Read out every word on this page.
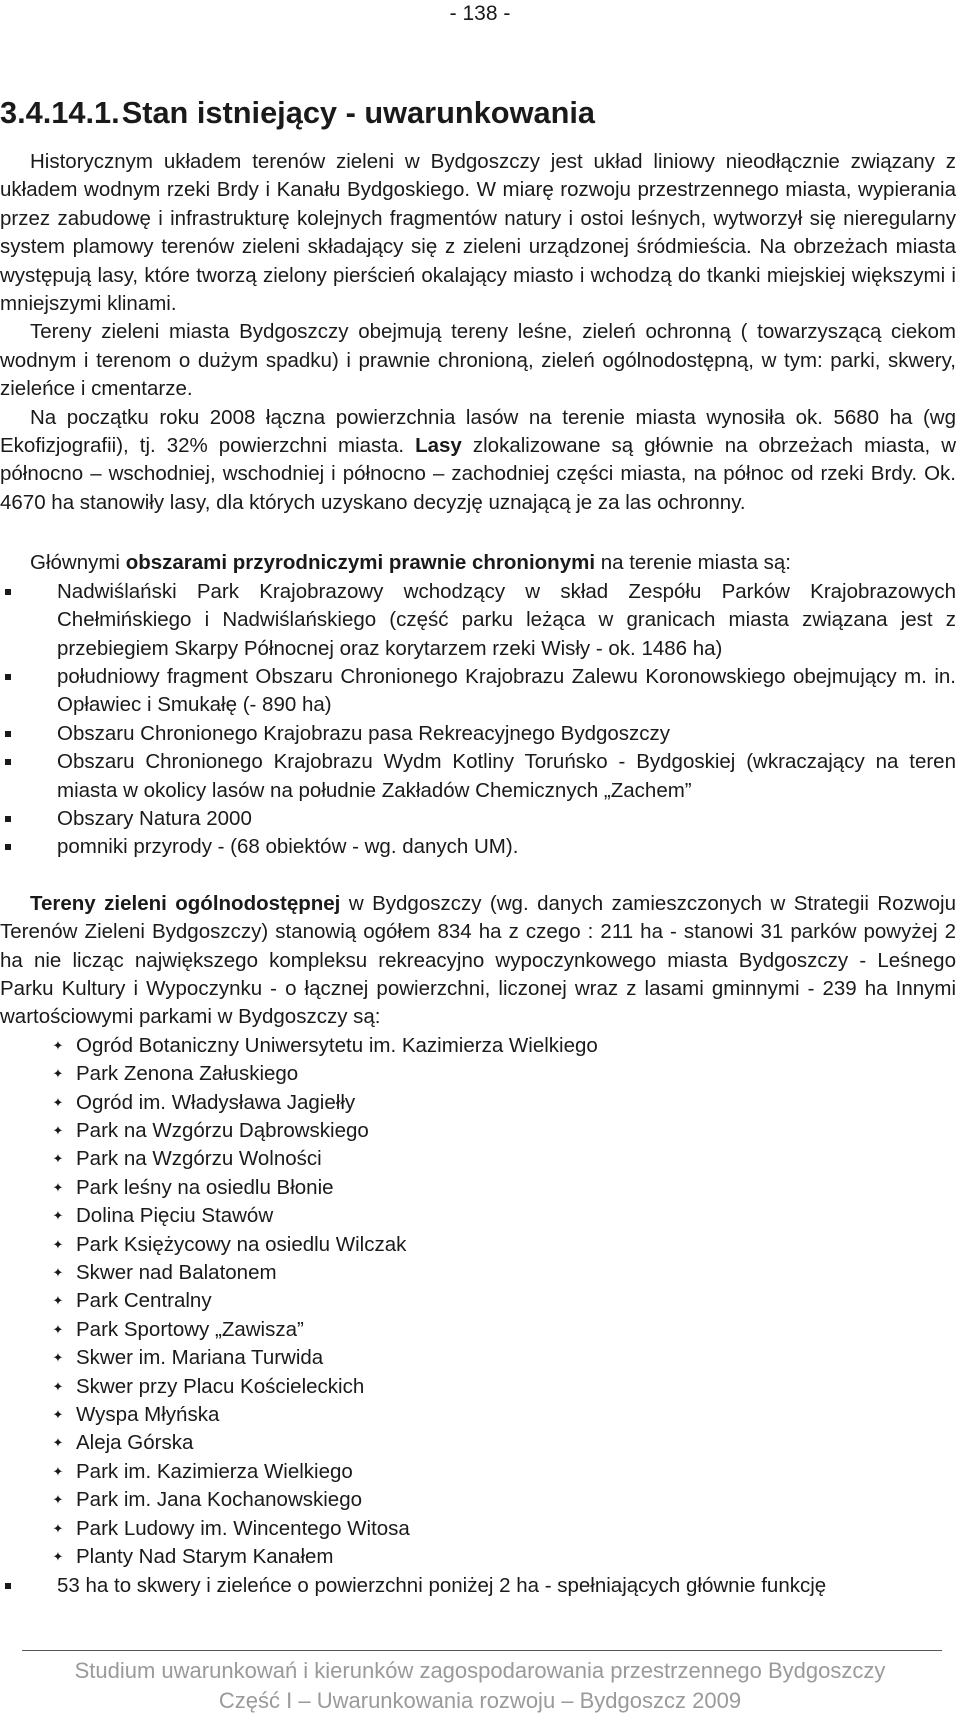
- 138 -
3.4.14.1.Stan istniejący - uwarunkowania

Historycznym układem terenów zieleni w Bydgoszczy jest układ liniowy nieodłącznie związany z układem wodnym rzeki Brdy i Kanału Bydgoskiego. W miarę rozwoju przestrzennego miasta, wypierania przez zabudowę i infrastrukturę kolejnych fragmentów natury i ostoi leśnych, wytworzył się nieregularny system plamowy terenów zieleni składający się z zieleni urządzonej śródmieścia. Na obrzeżach miasta występują lasy, które tworzą zielony pierścień okalający miasto i wchodzą do tkanki miejskiej większymi i mniejszymi klinami.

Tereny zieleni miasta Bydgoszczy obejmują tereny leśne, zieleń ochronną ( towarzyszącą ciekom wodnym i terenom o dużym spadku) i prawnie chronioną, zieleń ogólnodostępną, w tym: parki, skwery, zieleńce i cmentarze.

Na początku roku 2008 łączna powierzchnia lasów na terenie miasta wynosiła ok. 5680 ha (wg Ekofizjografii), tj. 32% powierzchni miasta. Lasy zlokalizowane są głównie na obrzeżach miasta, w północno – wschodniej, wschodniej i północno – zachodniej części miasta, na północ od rzeki Brdy. Ok. 4670 ha stanowiły lasy, dla których uzyskano decyzję uznającą je za las ochronny.

Głównymi obszarami przyrodniczymi prawnie chronionymi na terenie miasta są:

Nadwiślański Park Krajobrazowy wchodzący w skład Zespółu Parków Krajobrazowych Chełmińskiego i Nadwiślańskiego (część parku leżąca w granicach miasta związana jest z przebiegiem Skarpy Północnej oraz korytarzem rzeki Wisły - ok. 1486 ha)
południowy fragment Obszaru Chronionego Krajobrazu Zalewu Koronowskiego obejmujący m. in. Opławiec i Smukałę (- 890 ha)
Obszaru Chronionego Krajobrazu pasa Rekreacyjnego Bydgoszczy
Obszaru Chronionego Krajobrazu Wydm Kotliny Toruńsko - Bydgoskiej (wkraczający na teren miasta w okolicy lasów na południe Zakładów Chemicznych „Zachem”
Obszary Natura 2000
pomniki przyrody - (68 obiektów - wg. danych UM).

Tereny zieleni ogólnodostępnej w Bydgoszczy (wg. danych zamieszczonych w Strategii Rozwoju Terenów Zieleni Bydgoszczy) stanowią ogółem 834 ha z czego : 211 ha - stanowi 31 parków powyżej 2 ha nie licząc największego kompleksu rekreacyjno wypoczynkowego miasta Bydgoszczy - Leśnego Parku Kultury i Wypoczynku - o łącznej powierzchni, liczonej wraz z lasami gminnymi - 239 ha Innymi wartościowymi parkami w Bydgoszczy są:

✦ Ogród Botaniczny Uniwersytetu im. Kazimierza Wielkiego
✦ Park Zenona Załuskiego
✦ Ogród im. Władysława Jagiełły
✦ Park na Wzgórzu Dąbrowskiego
✦ Park na Wzgórzu Wolności
✦ Park leśny na osiedlu Błonie
✦ Dolina Pięciu Stawów
✦ Park Księżycowy na osiedlu Wilczak
✦ Skwer nad Balatonem
✦ Park Centralny
✦ Park Sportowy „Zawisza”
✦ Skwer im. Mariana Turwida
✦ Skwer przy Placu Kościeleckich
✦ Wyspa Młyńska
✦ Aleja Górska
✦ Park im. Kazimierza Wielkiego
✦ Park im. Jana Kochanowskiego
✦ Park Ludowy im. Wincentego Witosa
✦ Planty Nad Starym Kanałem
53 ha to skwery i zieleńce o powierzchni poniżej 2 ha - spełniających głównie funkcję
Studium uwarunkowań i kierunków zagospodarowania przestrzennego Bydgoszczy
Część I – Uwarunkowania rozwoju – Bydgoszcz 2009
